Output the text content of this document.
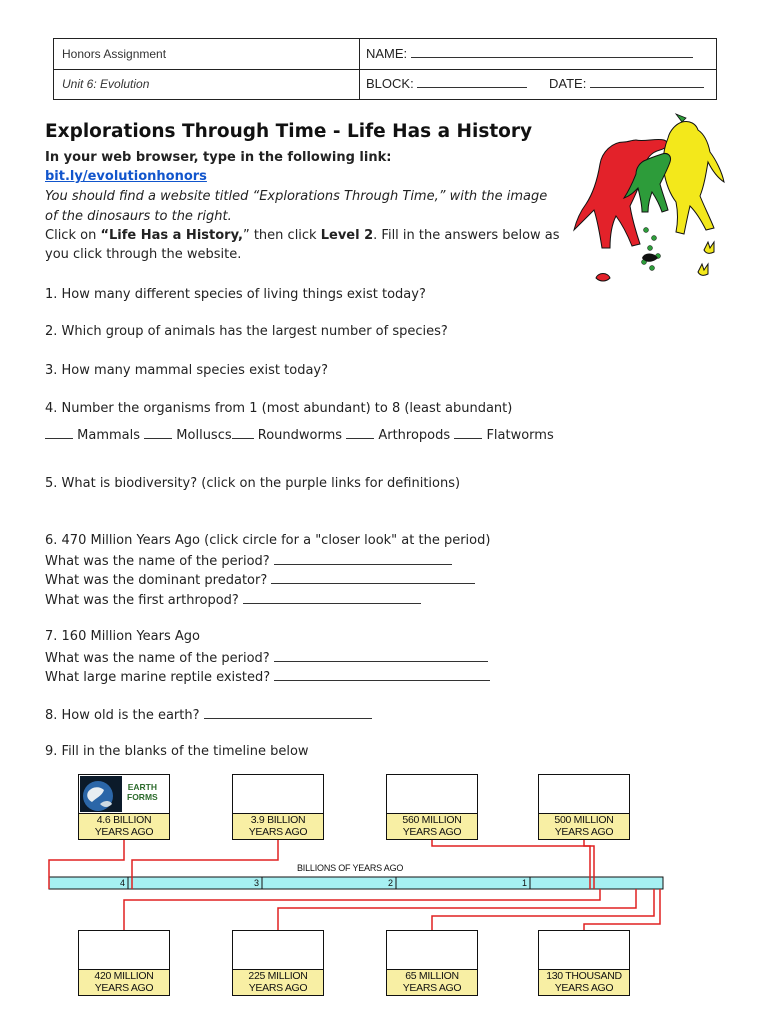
Honors Assignment	NAME:
Unit 6: Evolution	BLOCK:	DATE:
Explorations Through Time - Life Has a History
In your web browser, type in the following link:
bit.ly/evolutionhonors
You should find a website titled “Explorations Through Time,” with the image
of the dinosaurs to the right.
Click on “Life Has a History,” then click Level 2. Fill in the answers below as
you click through the website.
1. How many different species of living things exist today?
2. Which group of animals has the largest number of species?
3. How many mammal species exist today?
4. Number the organisms from 1 (most abundant) to 8 (least abundant)
Mammals	Molluscs Roundworms	Arthropods	Flatworms
5. What is biodiversity? (click on the purple links for definitions)
6. 470 Million Years Ago (click circle for a "closer look" at the period)
What was the name of the period?
What was the dominant predator?
What was the first arthropod?
7. 160 Million Years Ago
What was the name of the period?
What large marine reptile existed?
8. How old is the earth?
9. Fill in the blanks of the timeline below
BILLIONS OF YEARS AGO
4	3	2	1
EARTH
FORMS
4.6 BILLION
YEARS AGO
3.9 BILLION
YEARS AGO
560 MILLION
YEARS AGO
500 MILLION
YEARS AGO
420 MILLION
YEARS AGO
225 MILLION
YEARS AGO
65 MILLION
YEARS AGO
130 THOUSAND
YEARS AGO
